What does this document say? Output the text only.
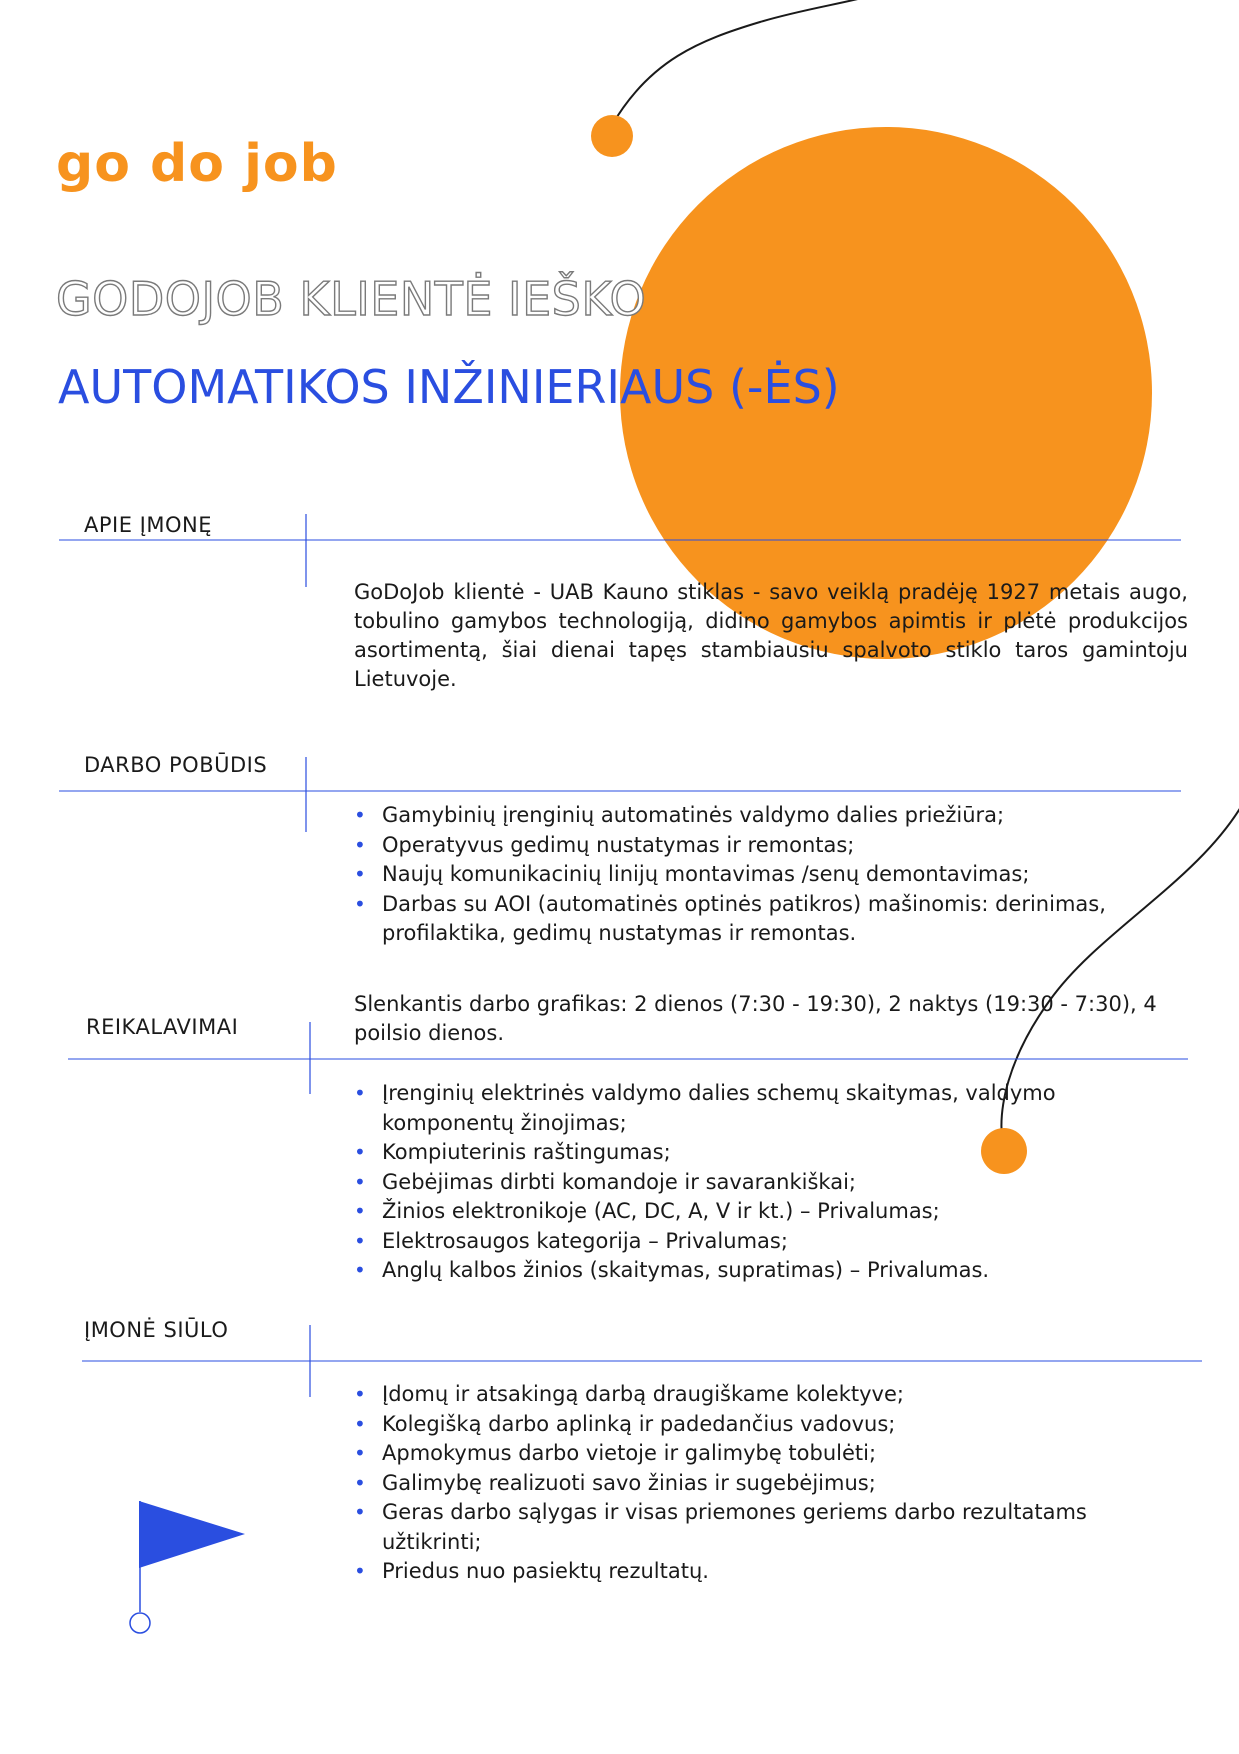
go do job
GODOJOB KLIENTĖ IEŠKO
AUTOMATIKOS INŽINIERIAUS (-ĖS)
APIE ĮMONĘ
GoDoJob klientė - UAB Kauno stiklas - savo veiklą pradėję 1927 metais augo, tobulino gamybos technologiją, didino gamybos apimtis ir plėtė produkcijos asortimentą, šiai dienai tapęs stambiausiu spalvoto stiklo taros gamintoju Lietuvoje.
DARBO POBŪDIS
• Gamybinių įrenginių automatinės valdymo dalies priežiūra;
• Operatyvus gedimų nustatymas ir remontas;
• Naujų komunikacinių linijų montavimas /senų demontavimas;
• Darbas su AOI (automatinės optinės patikros) mašinomis: derinimas, profilaktika, gedimų nustatymas ir remontas.
Slenkantis darbo grafikas: 2 dienos (7:30 - 19:30), 2 naktys (19:30 - 7:30), 4 poilsio dienos.
REIKALAVIMAI
• Įrenginių elektrinės valdymo dalies schemų skaitymas, valdymo komponentų žinojimas;
• Kompiuterinis raštingumas;
• Gebėjimas dirbti komandoje ir savarankiškai;
• Žinios elektronikoje (AC, DC, A, V ir kt.) – Privalumas;
• Elektrosaugos kategorija – Privalumas;
• Anglų kalbos žinios (skaitymas, supratimas) – Privalumas.
ĮMONĖ SIŪLO
• Įdomų ir atsakingą darbą draugiškame kolektyve;
• Kolegišką darbo aplinką ir padedančius vadovus;
• Apmokymus darbo vietoje ir galimybę tobulėti;
• Galimybę realizuoti savo žinias ir sugebėjimus;
• Geras darbo sąlygas ir visas priemones geriems darbo rezultatams užtikrinti;
• Priedus nuo pasiektų rezultatų.
